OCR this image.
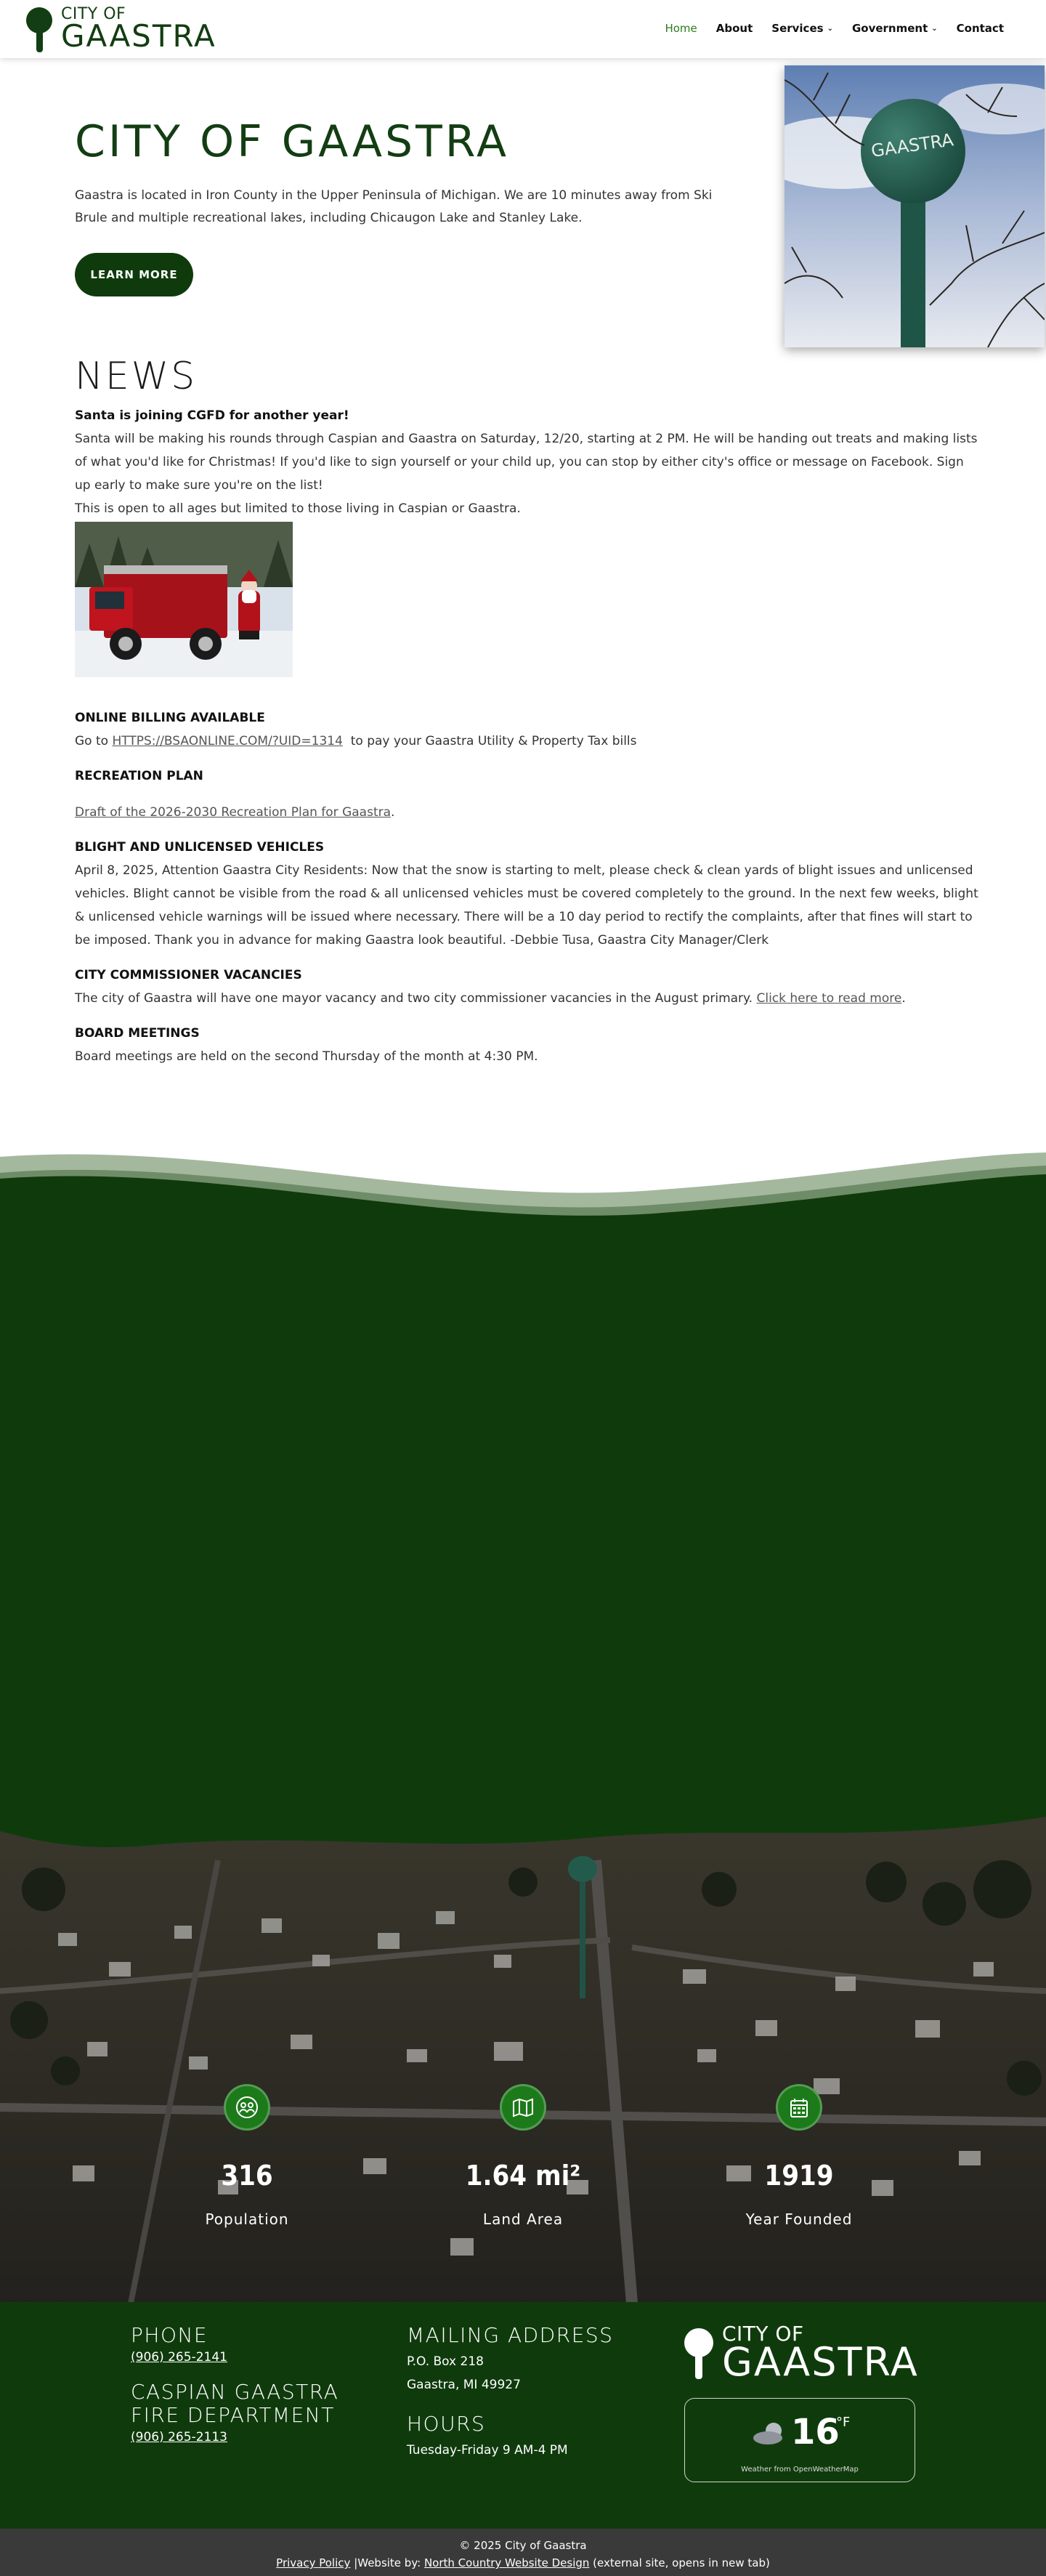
CITY OF
GAASTRA	Home About Services ⌄ Government ⌄ Contact
CITY OF GAASTRA

Gaastra is located in Iron County in the Upper Peninsula of Michigan. We are 10 minutes away from Ski Brule and multiple recreational lakes, including Chicaugon Lake and Stanley Lake.

LEARN MORE
GAASTRA
NEWS
Santa is joining CGFD for another year!

Santa will be making his rounds through Caspian and Gaastra on Saturday, 12/20, starting at 2 PM. He will be handing out treats and making lists of what you'd like for Christmas! If you'd like to sign yourself or your child up, you can stop by either city's office or message on Facebook. Sign up early to make sure you're on the list!

This is open to all ages but limited to those living in Caspian or Gaastra.

ONLINE BILLING AVAILABLE

Go to HTTPS://BSAONLINE.COM/?UID=1314 to pay your Gaastra Utility & Property Tax bills

RECREATION PLAN

Draft of the 2026-2030 Recreation Plan for Gaastra.

BLIGHT AND UNLICENSED VEHICLES

April 8, 2025, Attention Gaastra City Residents: Now that the snow is starting to melt, please check & clean yards of blight issues and unlicensed vehicles. Blight cannot be visible from the road & all unlicensed vehicles must be covered completely to the ground. In the next few weeks, blight & unlicensed vehicle warnings will be issued where necessary. There will be a 10 day period to rectify the complaints, after that fines will start to be imposed. Thank you in advance for making Gaastra look beautiful. -Debbie Tusa, Gaastra City Manager/Clerk

CITY COMMISSIONER VACANCIES

The city of Gaastra will have one mayor vacancy and two city commissioner vacancies in the August primary. Click here to read more.

BOARD MEETINGS

Board meetings are held on the second Thursday of the month at 4:30 PM.

316
Population
1.64 mi²
Land Area
1919
Year Founded
PHONE
(906) 265-2141
CASPIAN GAASTRA
FIRE DEPARTMENT
(906) 265-2113
MAILING ADDRESS
P.O. Box 218
Gaastra, MI 49927
HOURS
Tuesday-Friday 9 AM-4 PM
CITY OF
GAASTRA
16
°F
Weather from OpenWeatherMap
© 2025 City of Gaastra
Privacy Policy |Website by: North Country Website Design (external site, opens in new tab)
